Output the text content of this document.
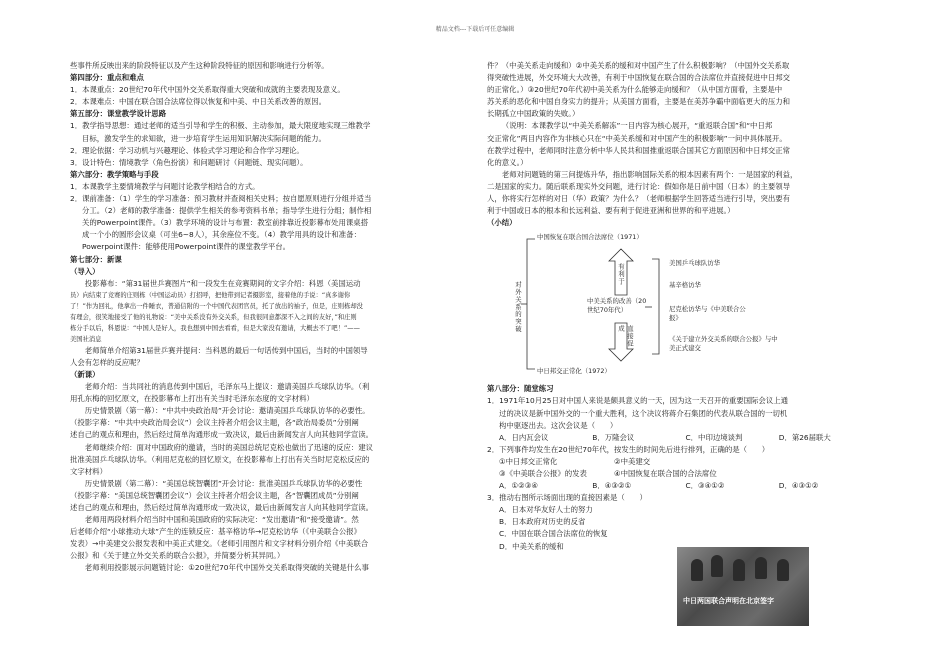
精品文档---下载后可任意编辑

些事件所反映出来的阶段特征以及产生这种阶段特征的原因和影响进行分析等。

第四部分：重点和难点

1．本课重点：20世纪70年代中国外交关系取得重大突破和成就的主要表现及意义。

2．本课难点：中国在联合国合法席位得以恢复和中美、中日关系改善的原因。

第五部分：课堂教学设计思路

1．教学指导思想：通过老师的适当引导和学生的积极、主动参加，最大限度地实现三维教学

目标，激发学生的求知欲，进一步培育学生运用知识解决实际问题的能力。

2．理论依据：学习动机与兴趣理论、体验式学习理论和合作学习理论。

3．设计特色：情境教学（角色扮演）和问题研讨（问题链、现实问题）。

第六部分：教学策略与手段

1．本课教学主要情境教学与问题讨论教学相结合的方式。

2．课前准备：（1）学生的学习准备：预习教材并查阅相关史料；按自愿原则进行分组并适当

分工。（2）老师的教学准备：提供学生相关的参考资料书单；指导学生进行分组；制作相

关的Powerpoint课件。（3）教学环境的设计与布置：教室前排靠近投影幕布处用课桌搭

成一个小的圆形会议桌（可坐6~8人），其余座位不变。（4）教学用具的设计和准备：

Powerpoint课件：能够使用Powerpoint课件的课堂教学平台。

第七部分：新课

（导入）

投影幕布：“第31届世乒赛图片”和一段发生在竞赛期间的文字介绍：科恩（美国运动

员）向结束了竞赛的庄则栋（中国运动员）打招呼，把他带到记者摄影室，接着他的手说：“真多谢你

了！”作为回礼，他拿出一件睡衣，普通信附的一个中国代表团官员，托了放出的袖子，但是，庄则栋却没

有理会，很笑地接受了他的礼物说：“美中关系没有外交关系，但我很同意都深不入之间的友好，”和庄则

栋分手以后，科恩说：“中国人是好人，我也想到中国去看看，但是大家没有邀请，大概去不了吧！”——

美国社消息

老师简单介绍第31届世乒赛并提问：当科恩的最后一句话传到中国后，当时的中国领导

人会有怎样的反应呢？

（新课）

老师介绍：当共同社的消息传到中国后，毛泽东马上提议：邀请美国乒乓球队访华。（利

用孔东梅的回忆原文，在投影幕布上打出有关当时毛泽东态度的文字材料）

历史情景剧（第一幕）：“中共中央政治局”开会讨论：邀请美国乒乓球队访华的必要性。

（投影字幕：“中共中央政治局会议”）会议主持者介绍会议主题，各“政治局委员”分别阐

述自己的观点和理由，然后经过简单沟通形成一致决议，最后由新闻发言人向其他同学宣读。

老师继续介绍：面对中国政府的邀请，当时的美国总统尼克松也做出了迅速的反应：建议

批准美国乒乓球队访华。（利用尼克松的回忆原文，在投影幕布上打出有关当时尼克松反应的

文字材料）

历史情景剧（第二幕）：“美国总统智囊团”开会讨论：批准美国乒乓球队访华的必要性

（投影字幕：“美国总统智囊团会议”）会议主持者介绍会议主题，各“智囊团成员”分别阐

述自己的观点和理由，然后经过简单沟通形成一致决议，最后由新闻发言人向其他同学宣读。

老师用两段材料介绍当时中国和美国政府的实际决定：“发出邀请”和“接受邀请”。然

后老师介绍“小球推动大球”产生的连锁反应：基辛格访华→尼克松访华（《中美联合公报》

发表）→中美建交公报发表和中美正式建交。（老师引用图片和文字材料分别介绍《中美联合

公报》和《关于建立外交关系的联合公报》，并简要分析其异同。）

老师利用投影展示问题链讨论：①20世纪70年代中国外交关系取得突破的关键是什么事

件？（中美关系走向缓和）②中美关系的缓和对中国产生了什么积极影响？（中国外交关系取

得突破性进展，外交环境大大改善，有利于中国恢复在联合国的合法席位并直接促进中日邦交

的正常化。）③20世纪70年代初中美关系为什么能够走向缓和？（从中国方面看，主要是中

苏关系的恶化和中国自身实力的提升；从美国方面看，主要是在美苏争霸中面临更大的压力和

长期孤立中国政策的失败。）

（说明：本课教学以“中美关系解冻”一目内容为核心展开，“重返联合国”和“中日邦

交正常化”两目内容作为非核心只在“中美关系缓和对中国产生的积极影响”一问中具体展开。

在教学过程中，老师同时注意分析中华人民共和国推重返联合国其它方面原因和中日邦交正常

化的意义。）

老师对问题链的第三问提炼升华，指出影响国际关系的根本因素有两个：一是国家的利益，

二是国家的实力。随后联系现实外交问题，进行讨论：假如你是日前中国（日本）的主要领导

人，你将实行怎样的对日（华）政策？为什么？（老师根据学生回答适当进行引导，突出要有

利于中国或日本的根本和长远利益、要有利于促进亚洲和世界的和平进展。）

（小结）

中国恢复在联合国合法席位（1971）
对外关系的突破
有利于
中美关系的改善（20世纪70年代）
直接促成
中日邦交正常化（1972）
美国乒乓球队访华
基辛格访华
尼克松访华与《中美联合公报》
《关于建立外交关系的联合公报》与中美正式建交

第八部分：随堂练习

1．1971年10月25日对中国人来说是颇具意义的一天，因为这一天召开的重要国际会议上通

过的决议是新中国外交的一个重大胜利，这个决议将蒋介石集团的代表从联合国的一切机

构中驱逐出去。这次会议是（　　）

A．日内瓦会议	B．万隆会议	C．中印边境谈判	D．第26届联大

2．下列事件均发生在20世纪70年代，按发生的时间先后进行排列，正确的是（　　）

①中日邦交正常化	②中美建交
③《中美联合公报》的发表	④中国恢复在联合国的合法席位
A．①②③④	B．④③②①	C．③④①②	D．④③①②

3．推动右图所示场面出现的直接因素是（　　）

A．日本对华友好人士的努力

B．日本政府对历史的反省

C．中国在联合国合法席位的恢复

D．中美关系的缓和

中日两国联合声明在北京签字
